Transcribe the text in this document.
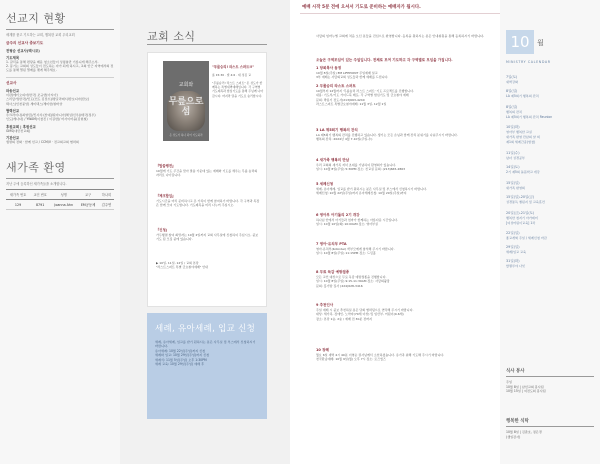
선교지 현황
세계를 품고 기도하는 교회, 행복한 교회 우리교회
금주의 선교사 중보기도
전형순 선교사(멕시코)
기도제목
1. 갈릭을 통해 편당을 배운 청소년들이 성령충만 기름니게 해주소서.
2. 봉기는 교회의 성도들이 전도하는 자가 되게 하시고, 교회 안근 지역에서의 전도를 통해 열린 열매를 맺게 해주세요.
선교사
파송선교
이관(에티오피아/한국) 조규연(아시아)
스리랑카(한국)/인도(인도 김전수)/방글라데시/캄보디아(캄보)
텍사스(인천중앙) 세미텍스/세미한/완바샹
협력선교
우크라이나(최영민)/킨사샤 (찬대)/탄자니아(해성/신우)/태국(정우)
인도(캐나다) / YWAM(이창진 / 이길한)/ 마사이마을(김현철)
후원교회 | 후원선교
GMS(대만선교회)
기관선교
생명의 전화 · 함께 선교 / CCM/V · 전교회교회 협력회
새가족 환영
지난 주에 등록하신 새가족들을 소개합니다.
새가족 번호	교인 번호	성명	교구	하나회
129	8791	Joanna Ahn	EM공동체	김주연
교회 소식
교회와
무릎으로 섬
온 성도가 하나 되어 기도하라
"무릎승리! 라스트 스퍼트!!"
롬 15:30 · 빌 4:6 · 대 성김 교
"무릎승리! 라스트 스퍼트" 온 성도가 함께하는 특별새벽예배입니다. 각 구역별 기도제목과 합심기도를 통해 주님께 나아갑시다. 마지막 달을 기도로 승리합시다.
『말씀행전』
10월에 기도 주간을 맞아 말씀 가운데 있는 예배와 기도를 세우는 무릎 승리의 자리로 나아갑니다.
『체크할일』
기도시간을 미리 준비하시고 온 가족이 함께 참여하기 바랍니다. 각 구역과 목장은 함께 모여 기도합니다. 기도제목을 미리 나누어 주십시오.
『신청』
가두행렬 참여 희망자는 10월 2일까지 교회 사무실에 신청하여 주십시오. 중보기도 팀 모집 중에 있습니다.
▶ 10일, 11일, 12일 / 교회 본당
"라스트스퍼트 특별 금요철야예배" 안내
세례, 유아세례, 입교 신청
세례, 유아세례, 입교를 받기 원하시는 분은 사무실 및 부스에서 신청하시기 바랍니다.
유아세례: 10월 22일(주일)까지 신청
세례와 입교: 10월 29일(주일)까지 신청
세례식: 11월 5일(주일) 오후 1:30PM
세례 교육: 10월 29일(주일) 예배 후
예배 시작 5분 전에 오셔서 기도로 준비하는 예배자가 됩시다.
사랑의 임마누엘 교회에 처음 오신 분들을 진심으로 환영합니다. 등록을 원하시는 분은 안내위원을 통해 등록하시기 바랍니다.
오늘은 구역모임이 있는 주일입니다. 전체로 모여 기도하고 각 구역별로 모임을 가집니다.
1 당회목사 동정
10월 8일(주일) EM LIFEPOINT 주일예배 설교
3부 예배는 사랑의교회 성도들과 함께 예배를 드립니다.
2 무릎승리 라스트 스퍼트
10월부터 12월까지 '무릎승리 라스트 스퍼트' 기도 프로젝트를 진행합니다.
내용: 기도서/기도 가이드북 배포, 각 구역별 합심기도 및 금요철야 예배
문의: 박용기 전도사(213)663-4240
라스트스퍼트 특별금요철야예배: 11월 3일, 12월 1일
3 LA 제5회기 행복의 잔치
LA 제5회기 행복의 잔치를 진행하고 있습니다. 생기는 모든 손님과 함께 잔치 분위기를 나눠주시기 바랍니다.
행복의 잔치: 2024년 4월 7-10일(주일-수)
4 새가족 행복의 만남
우리 교회의 새가족 저녁 초대를 기념하여 환영회가 있습니다.
일시: 10월 8일(주일) 5:30PM 장소: 친교실 문의: (213)665-2863
5 세례신청
세례, 유아세례, 입교를 받기 원하시는 분은 사무실 및 부스에서 신청하시기 바랍니다.
세례신청: 10월 22일(주일)까지 유아세례신청: 10월 29일(주일)까지
6 영아부 아기돌리 2기 개강
하나님 안에서 아기들과 엄마가 함께하는 아름다운 시간입니다.
일시: 10월 10일(화) 10:00AM 장소: 영아부실
7 영아-유치부 PTA
영아-유치부(K-Kinder) 학부모에게 참석해 주시기 바랍니다.
일시: 10월 8일(주일) 11:15PM 장소: 드림홀
8 무료 독감 예방접종
모든 교인 대상으로 무료 독감 예방접종을 진행합니다.
일시: 10월 8일(주일) 9:15-11:30AM 장소: 사랑의광장
문의: 홍기방 집사 (224)628-3416
9 추천인사
주일 예배 시 중보 추천하실 분은 당회 협력팀으로 연락해 주시기 바랍니다.
대상: 세가족, 장애인, 노약자(70세 이상) 및 임산부, 어린이(0-6세)
장소: 본당 1층, 2층 / 예배 전 30분 전까지
10 장례
월요 6일 새벽 4시 40분 이영순 권사님께서 소천하셨습니다. 유가족 위해 기도해 주시기 바랍니다.
천국환송예배: 10월 9일(월) 오후 7시 장소: 로즈힐즈
10	월
MINISTRY CALENDAR
7일(토)
새벽강화
8일(일)
LA 제5회기 행복의 잔치
8일(일)
행복의 잔치
LA 제5회기 행복의 잔치 Reunion
10일(화)
영아부 행복한 교실
새가족 환영 만남의 날 외
제1회 세례간증(합창)
11일(수)
남녀 성경공부
14일(토)
2기 제5회 돌봄학교 개강
15일(일)
새가족 환영회
15일(일)-20일(금)
성경통독 챌린지 및 교육훈련
20일(금)-21일(토)
행복한 청지기 아카데미
[여성어린이교육] 1차
22일(일)
종교개혁 주일 / 세례신청 마감
29일(일)
세례/입교 교육
31일(화)
할렐루야 나잇
식사 봉사
주일
10월 8일 | 남선교회 봉사팀
10월 15일 | 여전도회 봉사팀
행복한 식탁
10월 8일 | 김춘호, 정은경
(생일감사)
